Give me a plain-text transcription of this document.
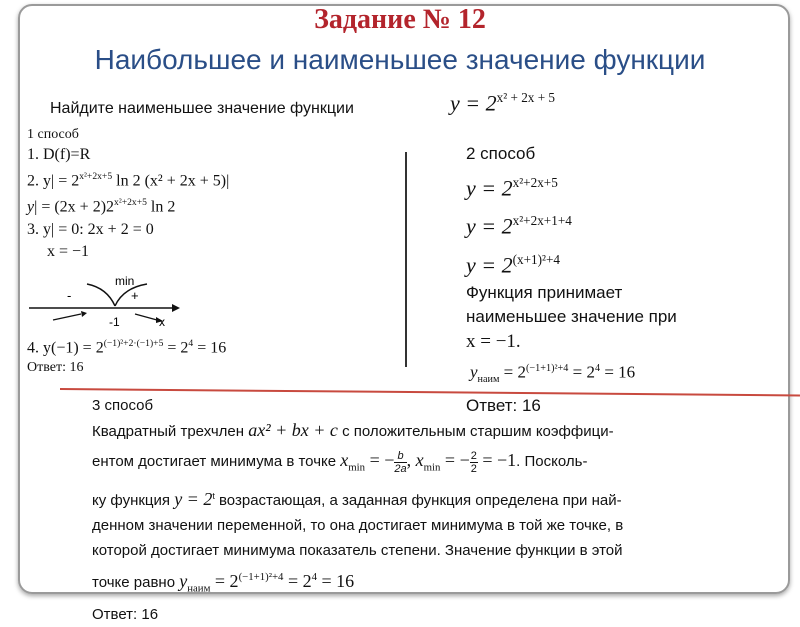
Задание № 12
Наибольшее и наименьшее значение функции
Найдите наименьшее значение функции	$y = 2^{x^2 + 2x + 5}$
1 способ
1. D(f)=R
2. $y| = 2^{x^2+2x+5}$ ln 2 (x² + 2x + 5)|
$y| = (2x + 2)2^{x^2+2x+5}$ ln 2
3. y| = 0: 2x + 2 = 0
x = −1
min
-	+
-1	x
4. $y(-1) = 2^{(-1)^2+2\cdot(-1)+5} = 2^4 = 16$
Ответ: 16
2 способ
$y = 2^{x^2+2x+5}$
$y = 2^{x^2+2x+1+4}$
$y = 2^{(x+1)^2+4}$
Функция принимает
наименьшее значение при
x = −1.
$y_{наим} = 2^{(-1+1)^2+4} = 2^4 = 16$
Ответ: 16
3 способ
Квадратный трехчлен ax² + bx + c с положительным старшим коэффици-
ентом достигает минимума в точке $x_{min}$ = − $\frac{b}{2a}$ , $x_{min}$ = − $\frac{2}{2} = -1$. Посколь-
ку функция $y = 2^t$ возрастающая, а заданная функция определена при най-
денном значении переменной, то она достигает минимума в той же точке, в
которой достигает минимума показатель степени. Значение функции в этой
точке равно $y_{наим} = 2^{(-1+1)^2+4} = 2^4 = 16$
Ответ: 16
